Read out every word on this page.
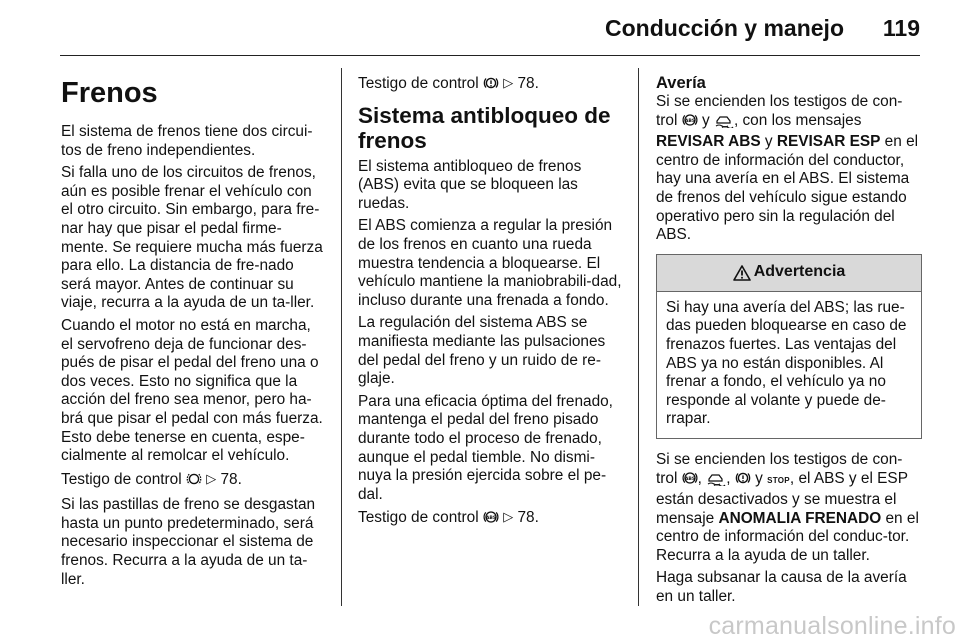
Conducción y manejo 119
Frenos

El sistema de frenos tiene dos circui-tos de freno independientes.

Si falla uno de los circuitos de frenos, aún es posible frenar el vehículo con el otro circuito. Sin embargo, para fre-nar hay que pisar el pedal firme-mente. Se requiere mucha más fuerza para ello. La distancia de fre-nado será mayor. Antes de continuar su viaje, recurra a la ayuda de un ta-ller.

Cuando el motor no está en marcha, el servofreno deja de funcionar des-pués de pisar el pedal del freno una o dos veces. Esto no significa que la acción del freno sea menor, pero ha-brá que pisar el pedal con más fuerza. Esto debe tenerse en cuenta, espe-cialmente al remolcar el vehículo.

Testigo de control ▷ 78.

Si las pastillas de freno se desgastan hasta un punto predeterminado, será necesario inspeccionar el sistema de frenos. Recurra a la ayuda de un ta-ller.

Testigo de control ▷ 78.

Sistema antibloqueo de frenos

El sistema antibloqueo de frenos (ABS) evita que se bloqueen las ruedas.

El ABS comienza a regular la presión de los frenos en cuanto una rueda muestra tendencia a bloquearse. El vehículo mantiene la maniobrabili-dad, incluso durante una frenada a fondo.

La regulación del sistema ABS se manifiesta mediante las pulsaciones del pedal del freno y un ruido de re-glaje.

Para una eficacia óptima del frenado, mantenga el pedal del freno pisado durante todo el proceso de frenado, aunque el pedal tiemble. No dismi-nuya la presión ejercida sobre el pe-dal.

Testigo de control ABS ▷ 78.

Avería

Si se encienden los testigos de con-trol ABS y , con los mensajes REVISAR ABS y REVISAR ESP en el centro de información del conductor, hay una avería en el ABS. El sistema de frenos del vehículo sigue estando operativo pero sin la regulación del ABS.

Advertencia
Si hay una avería del ABS; las rue-das pueden bloquearse en caso de frenazos fuertes. Las ventajas del ABS ya no están disponibles. Al frenar a fondo, el vehículo ya no responde al volante y puede de-rrapar.

Si se encienden los testigos de con-trol ABS , ,  y STOP, el ABS y el ESP están desactivados y se muestra el mensaje ANOMALIA FRENADO en el centro de información del conduc-tor. Recurra a la ayuda de un taller.

Haga subsanar la causa de la avería en un taller.

carmanualsonline.info
